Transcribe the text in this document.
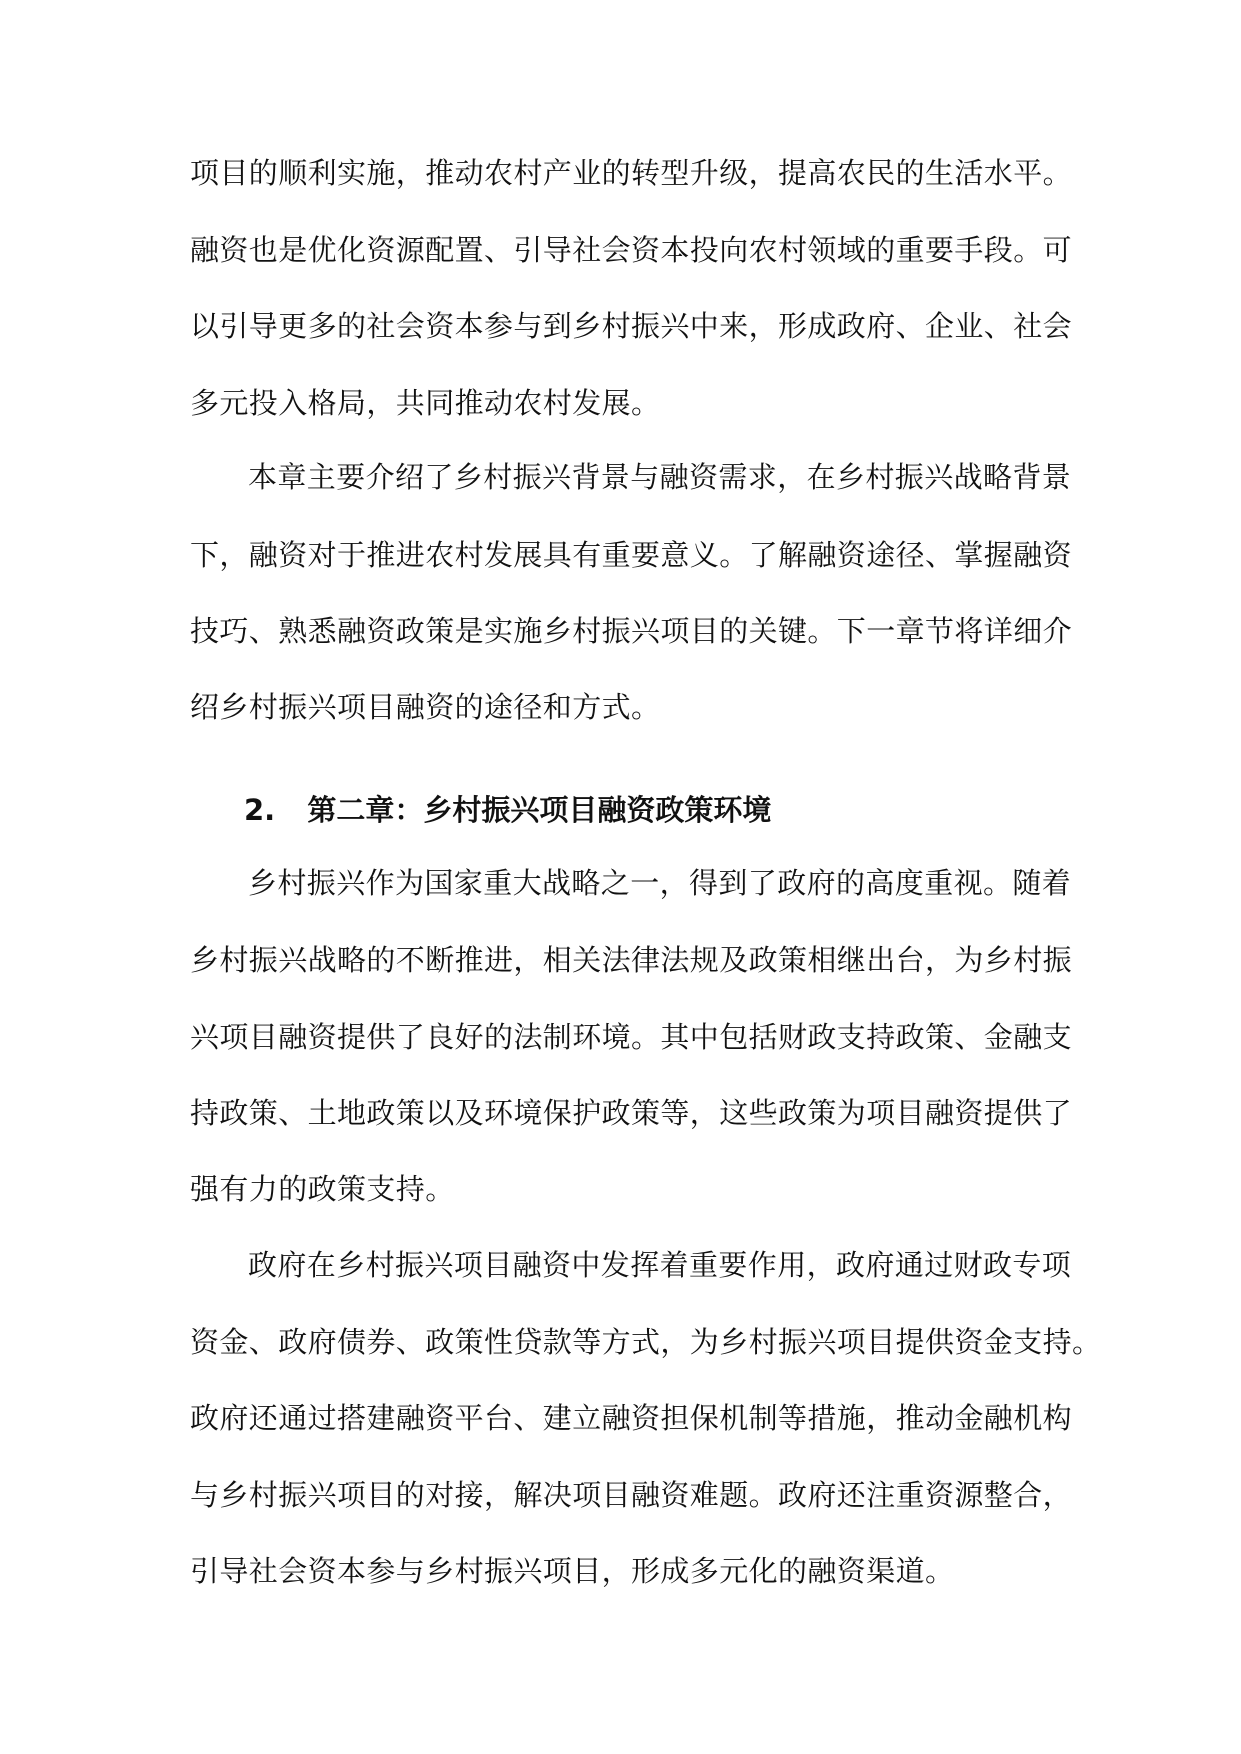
项目的顺利实施，推动农村产业的转型升级，提高农民的生活水平。
融资也是优化资源配置、引导社会资本投向农村领域的重要手段。可
以引导更多的社会资本参与到乡村振兴中来，形成政府、企业、社会
多元投入格局，共同推动农村发展。
本章主要介绍了乡村振兴背景与融资需求，在乡村振兴战略背景
下，融资对于推进农村发展具有重要意义。了解融资途径、掌握融资
技巧、熟悉融资政策是实施乡村振兴项目的关键。下一章节将详细介
绍乡村振兴项目融资的途径和方式。
2. 第二章：乡村振兴项目融资政策环境
乡村振兴作为国家重大战略之一，得到了政府的高度重视。随着
乡村振兴战略的不断推进，相关法律法规及政策相继出台，为乡村振
兴项目融资提供了良好的法制环境。其中包括财政支持政策、金融支
持政策、土地政策以及环境保护政策等，这些政策为项目融资提供了
强有力的政策支持。
政府在乡村振兴项目融资中发挥着重要作用，政府通过财政专项
资金、政府债券、政策性贷款等方式，为乡村振兴项目提供资金支持。
政府还通过搭建融资平台、建立融资担保机制等措施，推动金融机构
与乡村振兴项目的对接，解决项目融资难题。政府还注重资源整合，
引导社会资本参与乡村振兴项目，形成多元化的融资渠道。
